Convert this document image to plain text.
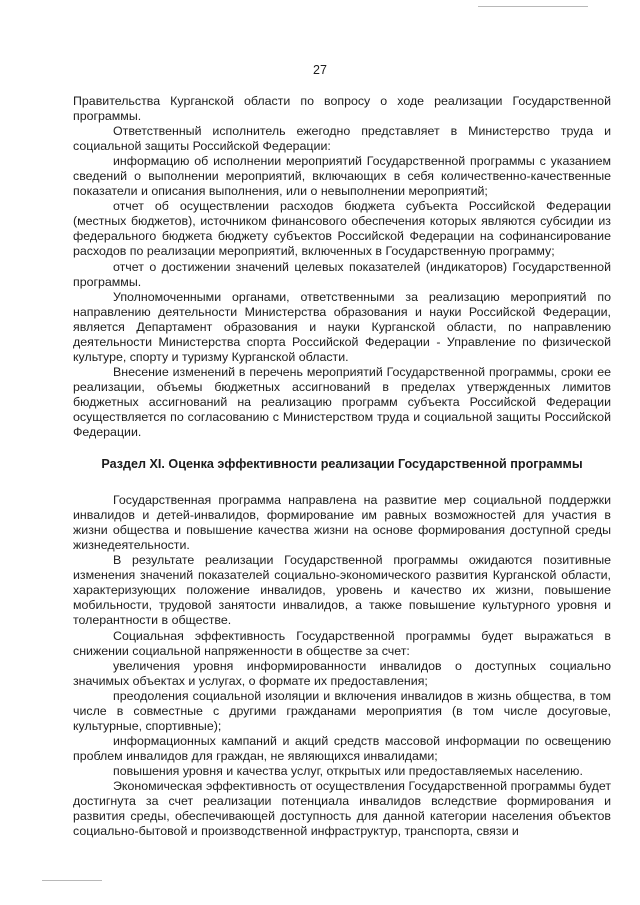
27

Правительства Курганской области по вопросу о ходе реализации Государственной программы.

Ответственный исполнитель ежегодно представляет в Министерство труда и социальной защиты Российской Федерации:

информацию об исполнении мероприятий Государственной программы с указанием сведений о выполнении мероприятий, включающих в себя количественно-качественные показатели и описания выполнения, или о невыполнении мероприятий;

отчет об осуществлении расходов бюджета субъекта Российской Федерации (местных бюджетов), источником финансового обеспечения которых являются субсидии из федерального бюджета бюджету субъектов Российской Федерации на софинансирование расходов по реализации мероприятий, включенных в Государственную программу;

отчет о достижении значений целевых показателей (индикаторов) Государственной программы.

Уполномоченными органами, ответственными за реализацию мероприятий по направлению деятельности Министерства образования и науки Российской Федерации, является Департамент образования и науки Курганской области, по направлению деятельности Министерства спорта Российской Федерации - Управление по физической культуре, спорту и туризму Курганской области.

Внесение изменений в перечень мероприятий Государственной программы, сроки ее реализации, объемы бюджетных ассигнований в пределах утвержденных лимитов бюджетных ассигнований на реализацию программ субъекта Российской Федерации осуществляется по согласованию с Министерством труда и социальной защиты Российской Федерации.

Раздел XI. Оценка эффективности реализации Государственной программы

Государственная программа направлена на развитие мер социальной поддержки инвалидов и детей-инвалидов, формирование им равных возможностей для участия в жизни общества и повышение качества жизни на основе формирования доступной среды жизнедеятельности.

В результате реализации Государственной программы ожидаются позитивные изменения значений показателей социально-экономического развития Курганской области, характеризующих положение инвалидов, уровень и качество их жизни, повышение мобильности, трудовой занятости инвалидов, а также повышение культурного уровня и толерантности в обществе.

Социальная эффективность Государственной программы будет выражаться в снижении социальной напряженности в обществе за счет:

увеличения уровня информированности инвалидов о доступных социально значимых объектах и услугах, о формате их предоставления;

преодоления социальной изоляции и включения инвалидов в жизнь общества, в том числе в совместные с другими гражданами мероприятия (в том числе досуговые, культурные, спортивные);

информационных кампаний и акций средств массовой информации по освещению проблем инвалидов для граждан, не являющихся инвалидами;

повышения уровня и качества услуг, открытых или предоставляемых населению.

Экономическая эффективность от осуществления Государственной программы будет достигнута за счет реализации потенциала инвалидов вследствие формирования и развития среды, обеспечивающей доступность для данной категории населения объектов социально-бытовой и производственной инфраструктур, транспорта, связи и
